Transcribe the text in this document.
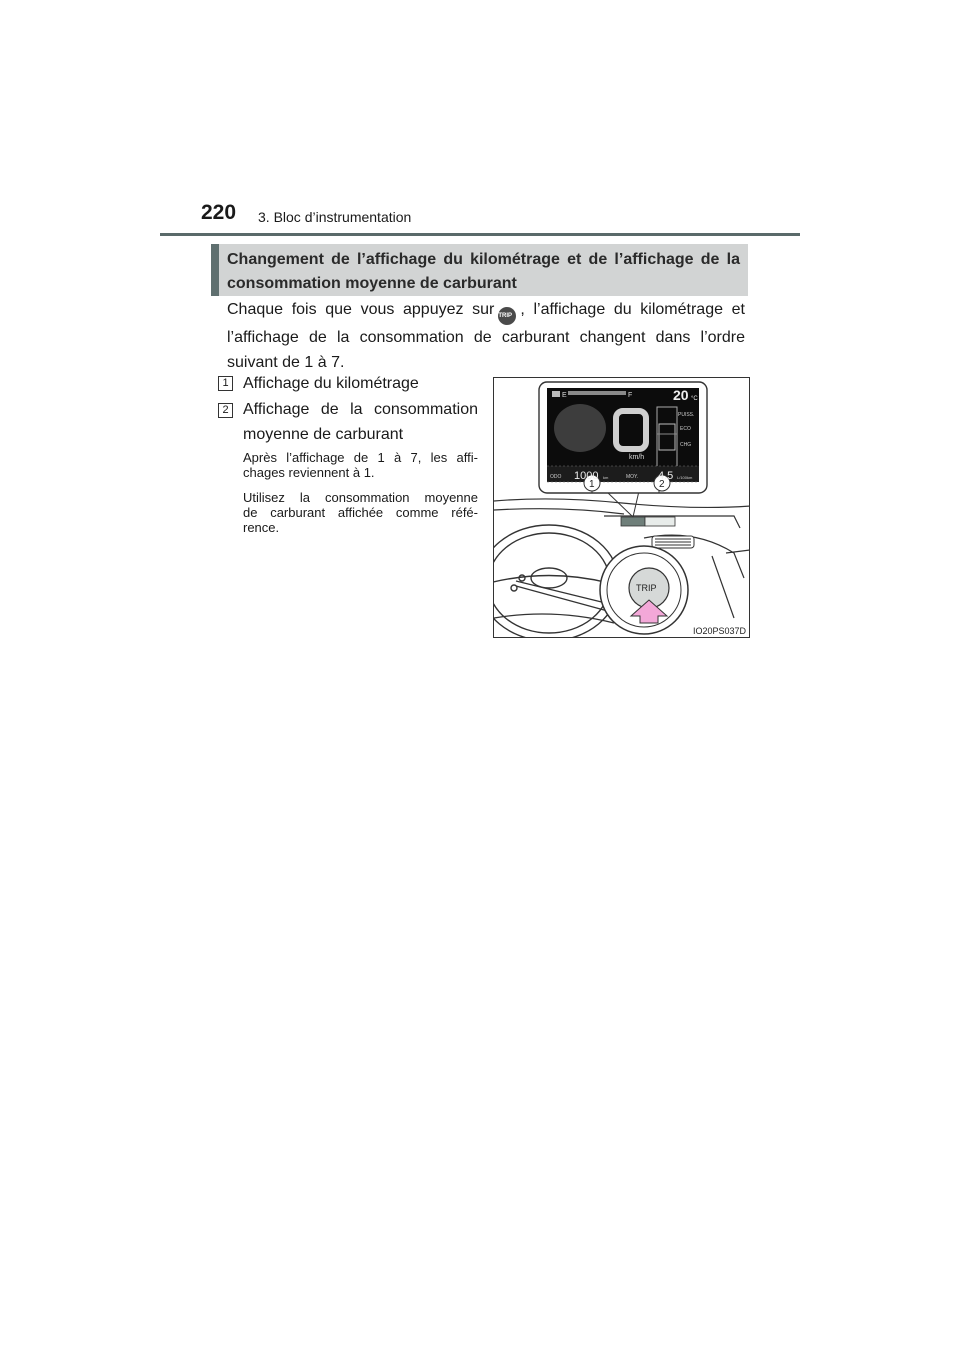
220 3. Bloc d’instrumentation
Changement de l’affichage du kilométrage et de l’affichage de la
consommation moyenne de carburant
Chaque fois que vous appuyez sur TRIP , l’affichage du kilométrage et
l’affichage de la consommation de carburant changent dans l’ordre
suivant de 1 à 7.
1 Affichage du kilométrage
2 Affichage de la consommation
moyenne de carburant
Après l’affichage de 1 à 7, les affi-
chages reviennent à 1.
Utilisez la consommation moyenne
de carburant affichée comme réfé-
rence.
E	F	20 °C
km/h
PUISS.
ECO
CHG
ODO 1000 km	MOY. 4.5 L/100km
1	2
TRIP
IO20PS037D
